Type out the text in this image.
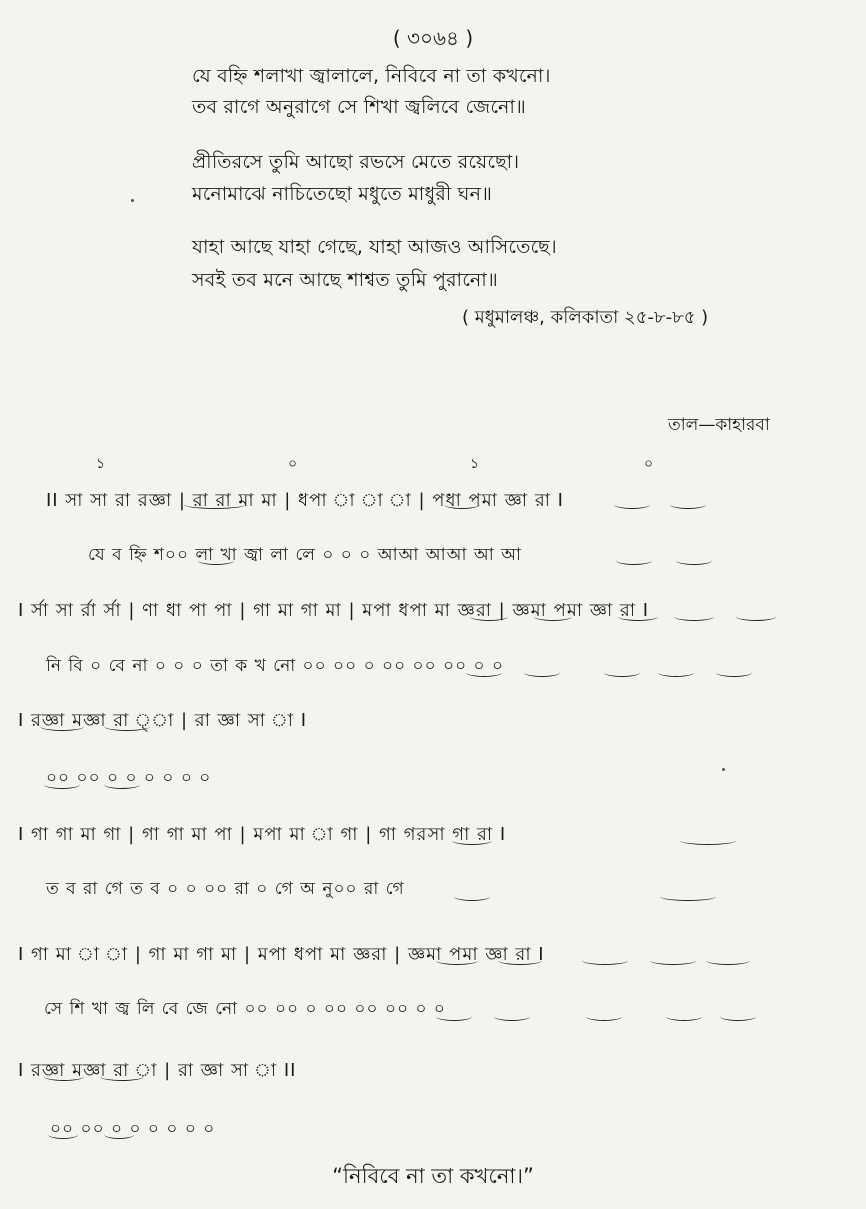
( ৩০৬৪ )
যে বহ্নি শলাখা জ্বালালে, নিবিবে না তা কখনো।
তব রাগে অনুরাগে সে শিখা জ্বলিবে জেনো॥
প্রীতিরসে তুমি আছো রভসে মেতে রয়েছো।
মনোমাঝে নাচিতেছো মধুতে মাধুরী ঘন॥
যাহা আছে যাহা গেছে, যাহা আজও আসিতেছে।
সবই তব মনে আছে শাশ্বত তুমি পুরানো॥
( মধুমালঞ্চ, কলিকাতা ২৫-৮-৮৫ )
তাল—কাহারবা
১	০	১	০
II সা সা রা রজ্ঞা | রা রা মা মা | ধপা া া া | পধা পমা জ্ঞা রা I
যে ব হ্নি শ০০ লা খা জ্বা লা লে ০ ০ ০ আআ আআ আ আ
I র্সা সা র্রা র্সা | ণা ধা পা পা | গা মা গা মা | মপা ধপা মা জ্ঞরা | জ্ঞমা পমা জ্ঞা রা I
নি বি ০ বে না ০ ০ ০ তা ক খ নো ০০ ০০ ০ ০০ ০০ ০০ ০ ০
I রজ্ঞা মজ্ঞা রা ্া | রা জ্ঞা সা া I
০০ ০০ ০ ০ ০ ০ ০ ০
I গা গা মা গা | গা গা মা পা | মপা মা া গা | গা গরসা গা রা I
ত ব রা গে ত ব ০ ০ ০০ রা ০ গে অ নু০০ রা গে
I গা মা া া | গা মা গা মা | মপা ধপা মা জ্ঞরা | জ্ঞমা পমা জ্ঞা রা I
সে শি খা জ্ব লি বে জে নো ০০ ০০ ০ ০০ ০০ ০০ ০ ০
I রজ্ঞা মজ্ঞা রা া | রা জ্ঞা সা া II
০০ ০০ ০ ০ ০ ০ ০ ০
“নিবিবে না তা কখনো।”
